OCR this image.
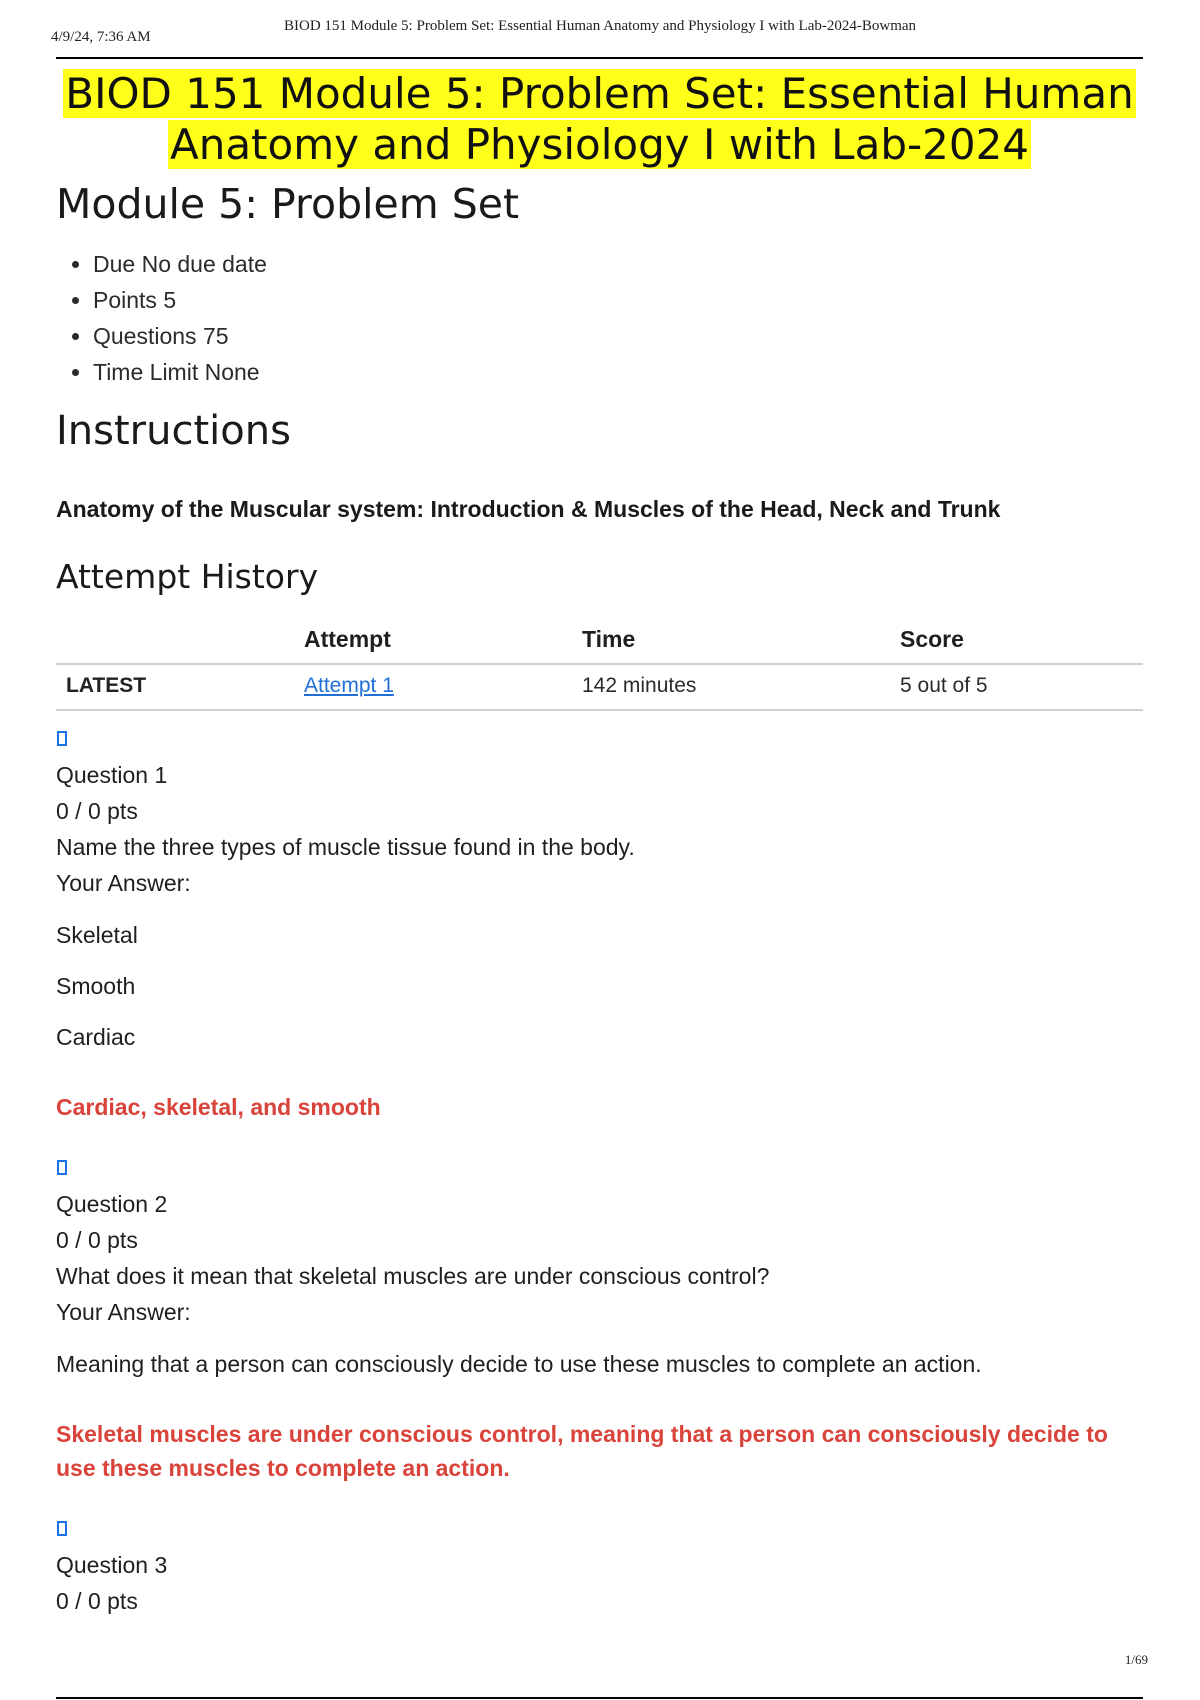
4/9/24, 7:36 AM
BIOD 151 Module 5: Problem Set: Essential Human Anatomy and Physiology I with Lab-2024-Bowman
BIOD 151 Module 5: Problem Set: Essential Human
Anatomy and Physiology I with Lab-2024
Module 5: Problem Set
• Due No due date
• Points 5
• Questions 75
• Time Limit None
Instructions
Anatomy of the Muscular system: Introduction & Muscles of the Head, Neck and Trunk
Attempt History
	Attempt	Time	Score
LATEST	Attempt 1	142 minutes	5 out of 5
Question 1
0 / 0 pts
Name the three types of muscle tissue found in the body.
Your Answer:
Skeletal
Smooth
Cardiac
Cardiac, skeletal, and smooth
Question 2
0 / 0 pts
What does it mean that skeletal muscles are under conscious control?
Your Answer:
Meaning that a person can consciously decide to use these muscles to complete an action.
Skeletal muscles are under conscious control, meaning that a person can consciously decide to use these muscles to complete an action.
Question 3
0 / 0 pts
1/69
